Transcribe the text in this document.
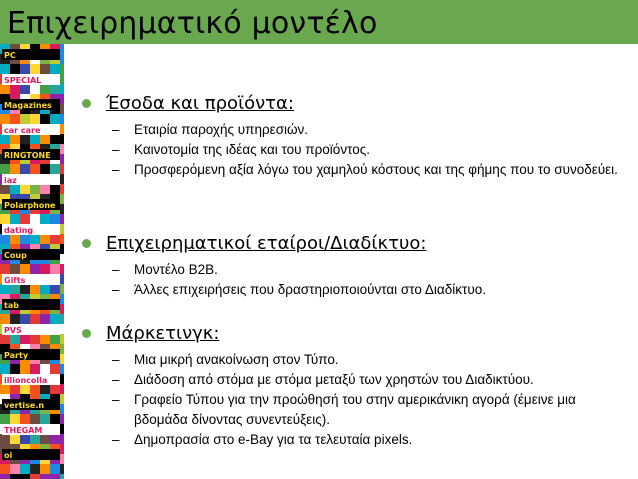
Επιχειρηματικό μοντέλο
PC
SPECIAL
Magazines
car care
RINGTONE
iaz
Polarphone
dating
Coup
Gifts
tab
PVS
Party
illioncolla
vertise.n
THEGAM
oi
Έσοδα και προϊόντα:
– Εταιρία παροχής υπηρεσιών.
– Καινοτομία της ιδέας και του προϊόντος.
– Προσφερόμενη αξία λόγω του χαμηλού κόστους και της φήμης που το συνοδεύει.
Επιχειρηματικοί εταίροι/Διαδίκτυο:
– Μοντέλο B2B.
– Άλλες επιχειρήσεις που δραστηριοποιούνται στο Διαδίκτυο.
Μάρκετινγκ:
– Μια μικρή ανακοίνωση στον Τύπο.
– Διάδοση από στόμα με στόμα μεταξύ των χρηστών του Διαδικτύου.
– Γραφείο Τύπου για την προώθησή του στην αμερικάνικη αγορά (έμεινε μια βδομάδα δίνοντας συνεντεύξεις).
– Δημοπρασία στο e-Bay για τα τελευταία pixels.
